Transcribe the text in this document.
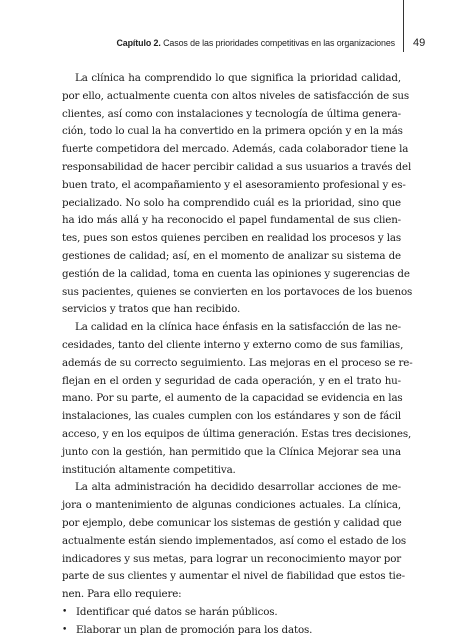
Capítulo 2. Casos de las prioridades competitivas en las organizaciones 49
La clínica ha comprendido lo que significa la prioridad calidad,
por ello, actualmente cuenta con altos niveles de satisfacción de sus
clientes, así como con instalaciones y tecnología de última genera-
ción, todo lo cual la ha convertido en la primera opción y en la más
fuerte competidora del mercado. Además, cada colaborador tiene la
responsabilidad de hacer percibir calidad a sus usuarios a través del
buen trato, el acompañamiento y el asesoramiento profesional y es-
pecializado. No solo ha comprendido cuál es la prioridad, sino que
ha ido más allá y ha reconocido el papel fundamental de sus clien-
tes, pues son estos quienes perciben en realidad los procesos y las
gestiones de calidad; así, en el momento de analizar su sistema de
gestión de la calidad, toma en cuenta las opiniones y sugerencias de
sus pacientes, quienes se convierten en los portavoces de los buenos
servicios y tratos que han recibido.
La calidad en la clínica hace énfasis en la satisfacción de las ne-
cesidades, tanto del cliente interno y externo como de sus familias,
además de su correcto seguimiento. Las mejoras en el proceso se re-
flejan en el orden y seguridad de cada operación, y en el trato hu-
mano. Por su parte, el aumento de la capacidad se evidencia en las
instalaciones, las cuales cumplen con los estándares y son de fácil
acceso, y en los equipos de última generación. Estas tres decisiones,
junto con la gestión, han permitido que la Clínica Mejorar sea una
institución altamente competitiva.
La alta administración ha decidido desarrollar acciones de me-
jora o mantenimiento de algunas condiciones actuales. La clínica,
por ejemplo, debe comunicar los sistemas de gestión y calidad que
actualmente están siendo implementados, así como el estado de los
indicadores y sus metas, para lograr un reconocimiento mayor por
parte de sus clientes y aumentar el nivel de fiabilidad que estos tie-
nen. Para ello requiere:
• Identificar qué datos se harán públicos.
• Elaborar un plan de promoción para los datos.
